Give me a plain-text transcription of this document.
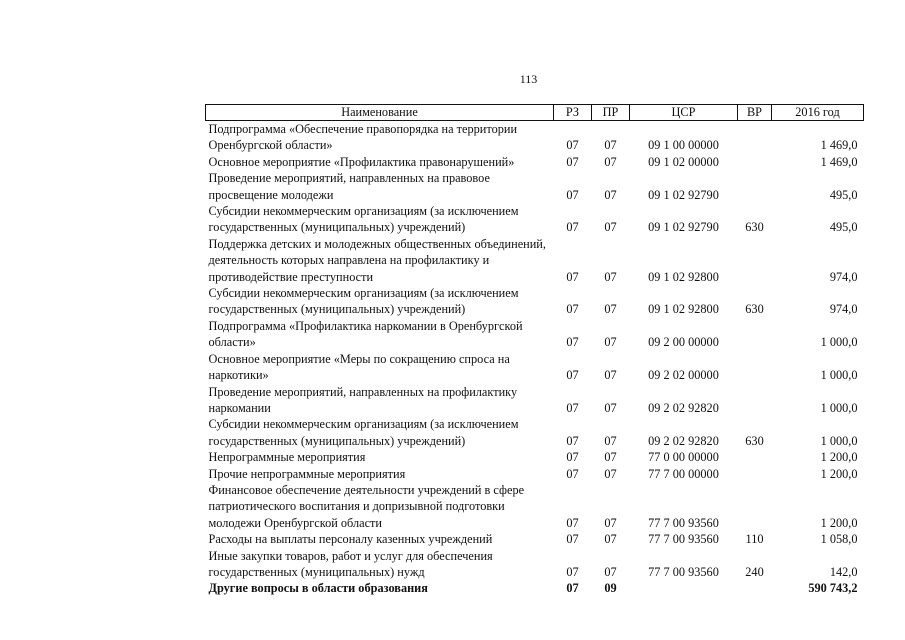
113
Наименование	РЗ	ПР	ЦСР	ВР	2016 год
Подпрограмма «Обеспечение правопорядка на территории Оренбургской области»	07	07	09 1 00 00000		1 469,0
Основное мероприятие «Профилактика правонарушений»	07	07	09 1 02 00000		1 469,0
Проведение мероприятий, направленных на правовое просвещение молодежи	07	07	09 1 02 92790		495,0
Субсидии некоммерческим организациям (за исключением государственных (муниципальных) учреждений)	07	07	09 1 02 92790	630	495,0
Поддержка детских и молодежных общественных объединений, деятельность которых направлена на профилактику и противодействие преступности	07	07	09 1 02 92800		974,0
Субсидии некоммерческим организациям (за исключением государственных (муниципальных) учреждений)	07	07	09 1 02 92800	630	974,0
Подпрограмма «Профилактика наркомании в Оренбургской области»	07	07	09 2 00 00000		1 000,0
Основное мероприятие «Меры по сокращению спроса на наркотики»	07	07	09 2 02 00000		1 000,0
Проведение мероприятий, направленных на профилактику наркомании	07	07	09 2 02 92820		1 000,0
Субсидии некоммерческим организациям (за исключением государственных (муниципальных) учреждений)	07	07	09 2 02 92820	630	1 000,0
Непрограммные мероприятия	07	07	77 0 00 00000		1 200,0
Прочие непрограммные мероприятия	07	07	77 7 00 00000		1 200,0
Финансовое обеспечение деятельности учреждений в сфере патриотического воспитания и допризывной подготовки молодежи Оренбургской области	07	07	77 7 00 93560		1 200,0
Расходы на выплаты персоналу казенных учреждений	07	07	77 7 00 93560	110	1 058,0
Иные закупки товаров, работ и услуг для обеспечения государственных (муниципальных) нужд	07	07	77 7 00 93560	240	142,0
Другие вопросы в области образования	07	09			590 743,2
